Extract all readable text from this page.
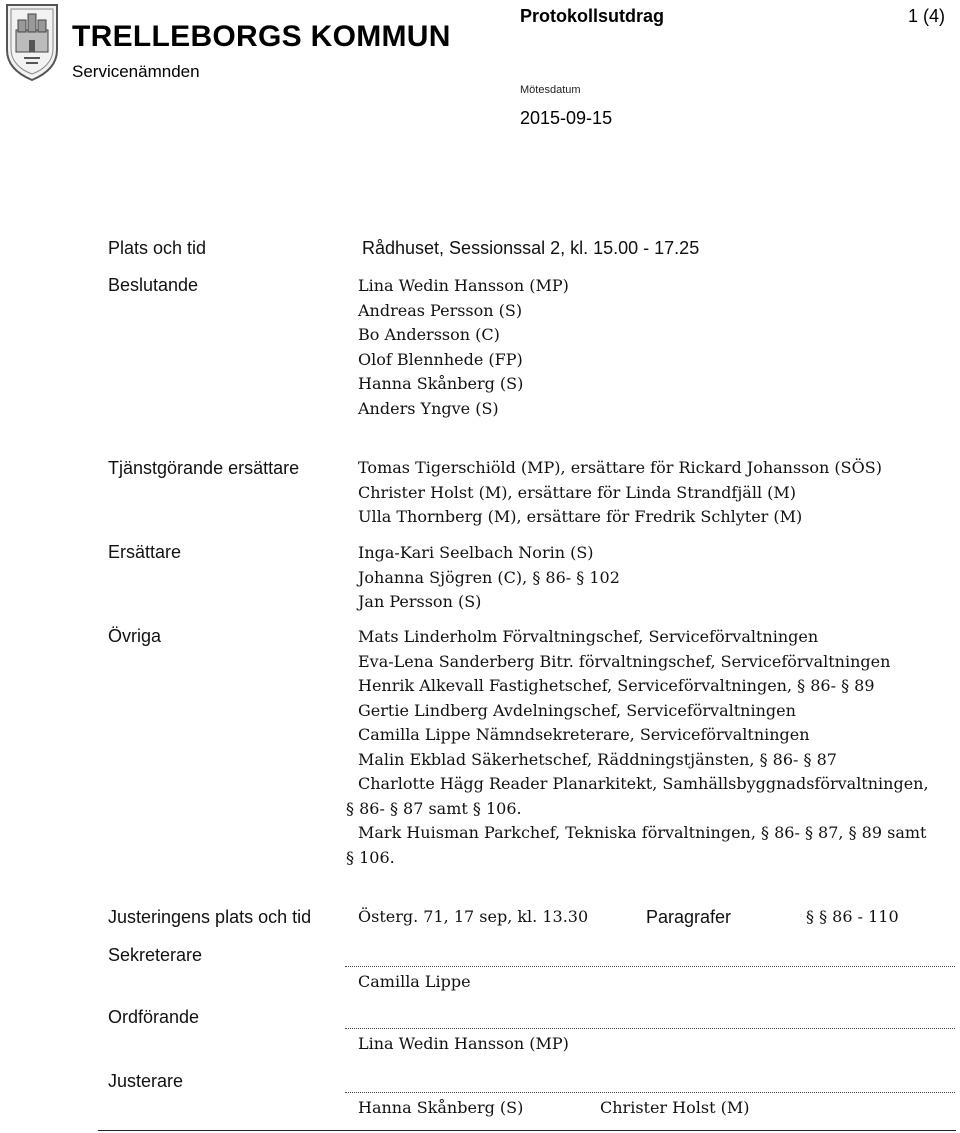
TRELLEBORGS KOMMUN
Servicenämnden
Protokollsutdrag	1 (4)
Mötesdatum
2015-09-15
Plats och tid	Rådhuset, Sessionssal 2, kl. 15.00 - 17.25
Beslutande	Lina Wedin Hansson (MP)
Andreas Persson (S)
Bo Andersson (C)
Olof Blennhede (FP)
Hanna Skånberg (S)
Anders Yngve (S)
Tjänstgörande ersättare	Tomas Tigerschiöld (MP), ersättare för Rickard Johansson (SÖS)
Christer Holst (M), ersättare för Linda Strandfjäll (M)
Ulla Thornberg (M), ersättare för Fredrik Schlyter (M)
Ersättare	Inga-Kari Seelbach Norin (S)
Johanna Sjögren (C), § 86- § 102
Jan Persson (S)
Övriga	Mats Linderholm Förvaltningschef, Serviceförvaltningen
Eva-Lena Sanderberg Bitr. förvaltningschef, Serviceförvaltningen
Henrik Alkevall Fastighetschef, Serviceförvaltningen, § 86- § 89
Gertie Lindberg Avdelningschef, Serviceförvaltningen
Camilla Lippe Nämndsekreterare, Serviceförvaltningen
Malin Ekblad Säkerhetschef, Räddningstjänsten, § 86- § 87
Charlotte Hägg Reader Planarkitekt, Samhällsbyggnadsförvaltningen,
§ 86- § 87 samt § 106.
Mark Huisman Parkchef, Tekniska förvaltningen, § 86- § 87, § 89 samt
§ 106.
Justeringens plats och tid	Österg. 71, 17 sep, kl. 13.30	Paragrafer	§ § 86 - 110
Sekreterare
Camilla Lippe
Ordförande
Lina Wedin Hansson (MP)
Justerare
Hanna Skånberg (S)	Christer Holst (M)
